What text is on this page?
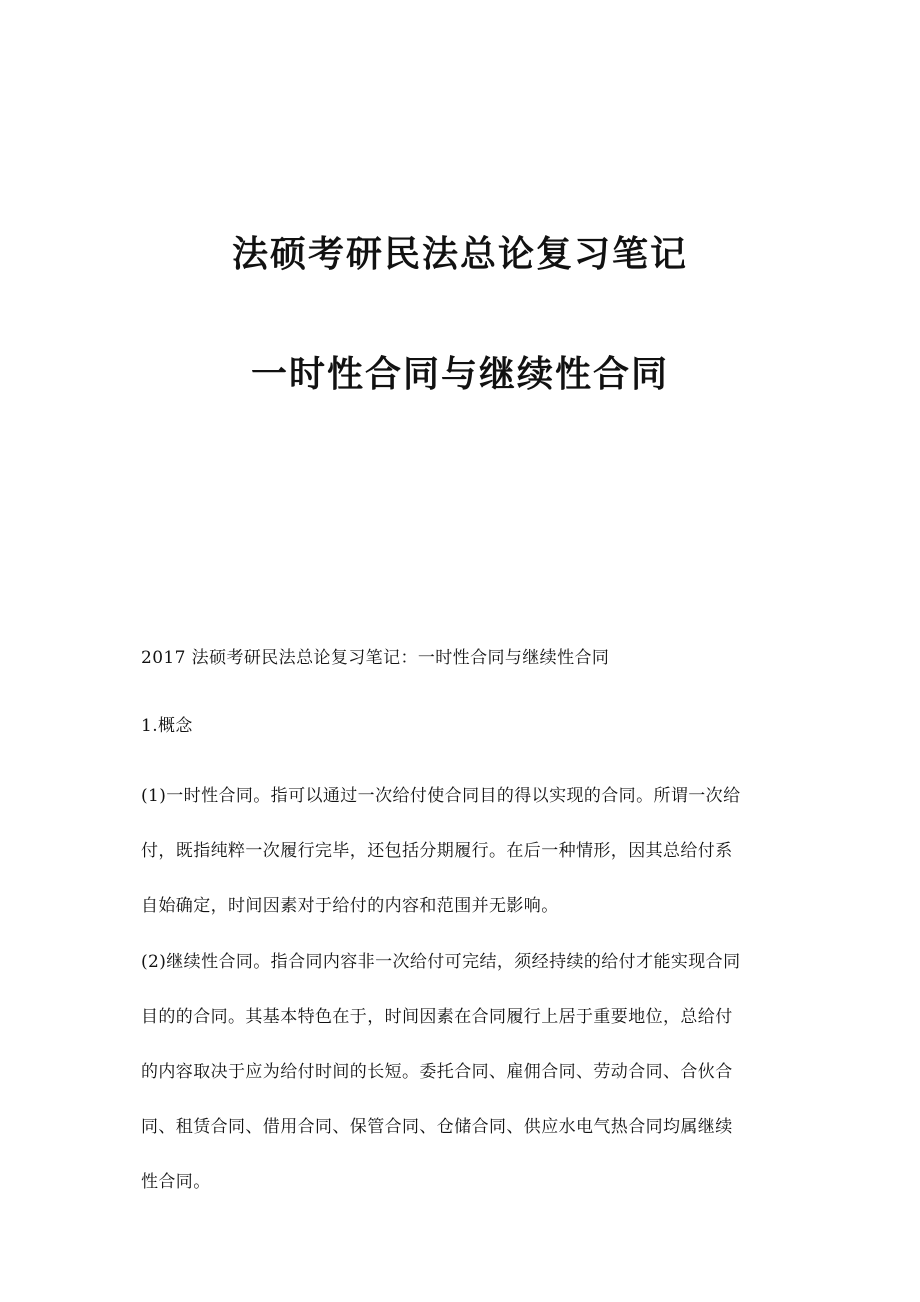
法硕考研民法总论复习笔记
一时性合同与继续性合同
2017 法硕考研民法总论复习笔记：一时性合同与继续性合同
1.概念
(1)一时性合同。指可以通过一次给付使合同目的得以实现的合同。所谓一次给
付，既指纯粹一次履行完毕，还包括分期履行。在后一种情形，因其总给付系
自始确定，时间因素对于给付的内容和范围并无影响。
(2)继续性合同。指合同内容非一次给付可完结，须经持续的给付才能实现合同
目的的合同。其基本特色在于，时间因素在合同履行上居于重要地位，总给付
的内容取决于应为给付时间的长短。委托合同、雇佣合同、劳动合同、合伙合
同、租赁合同、借用合同、保管合同、仓储合同、供应水电气热合同均属继续
性合同。
